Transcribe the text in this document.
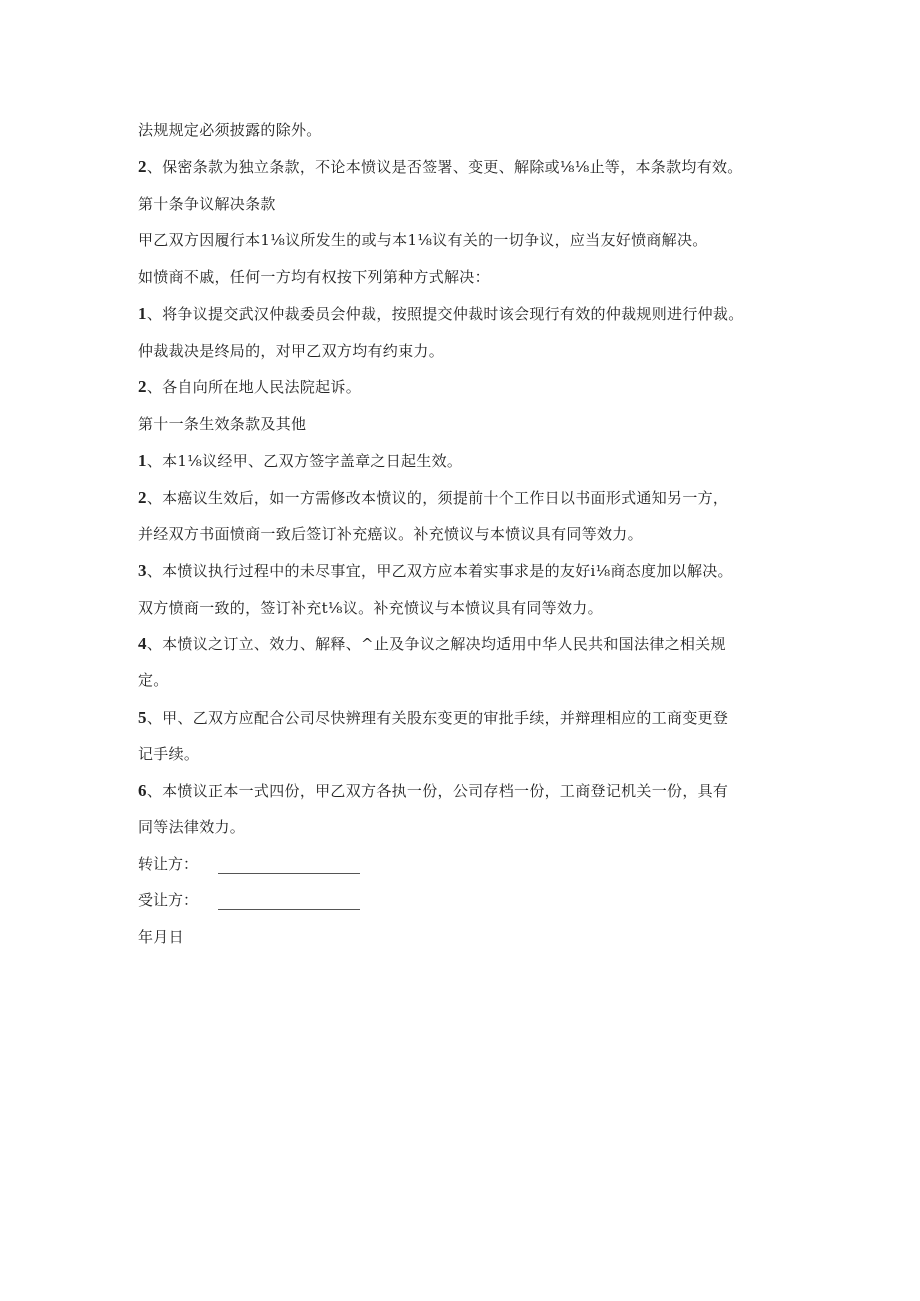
法规规定必须披露的除外。
2、保密条款为独立条款，不论本愤议是否签署、变更、解除或⅛⅛止等，本条款均有效。
第十条争议解决条款
甲乙双方因履行本1⅛议所发生的或与本1⅛议有关的一切争议，应当友好愤商解决。
如愤商不戚，任何一方均有权按下列第种方式解决：
1、将争议提交武汉仲裁委员会仲裁，按照提交仲裁时该会现行有效的仲裁规则进行仲裁。
仲裁裁决是终局的，对甲乙双方均有约束力。
2、各自向所在地人民法院起诉。
第十一条生效条款及其他
1、本1⅛议经甲、乙双方签字盖章之日起生效。
2、本癌议生效后，如一方需修改本愤议的，须提前十个工作日以书面形式通知另一方，
并经双方书面愤商一致后签订补充癌议。补充愤议与本愤议具有同等效力。
3、本愤议执行过程中的未尽事宜，甲乙双方应本着实事求是的友好i⅛商态度加以解决。
双方愤商一致的，签订补充t⅛议。补充愤议与本愤议具有同等效力。
4、本愤议之订立、效力、解释、^止及争议之解决均适用中华人民共和国法律之相关规
定。
5、甲、乙双方应配合公司尽快辨理有关股东变更的审批手续，并辩理相应的工商变更登
记手续。
6、本愤议正本一式四份，甲乙双方各执一份，公司存档一份，工商登记机关一份，具有
同等法律效力。
转让方：
受让方：
年月日
